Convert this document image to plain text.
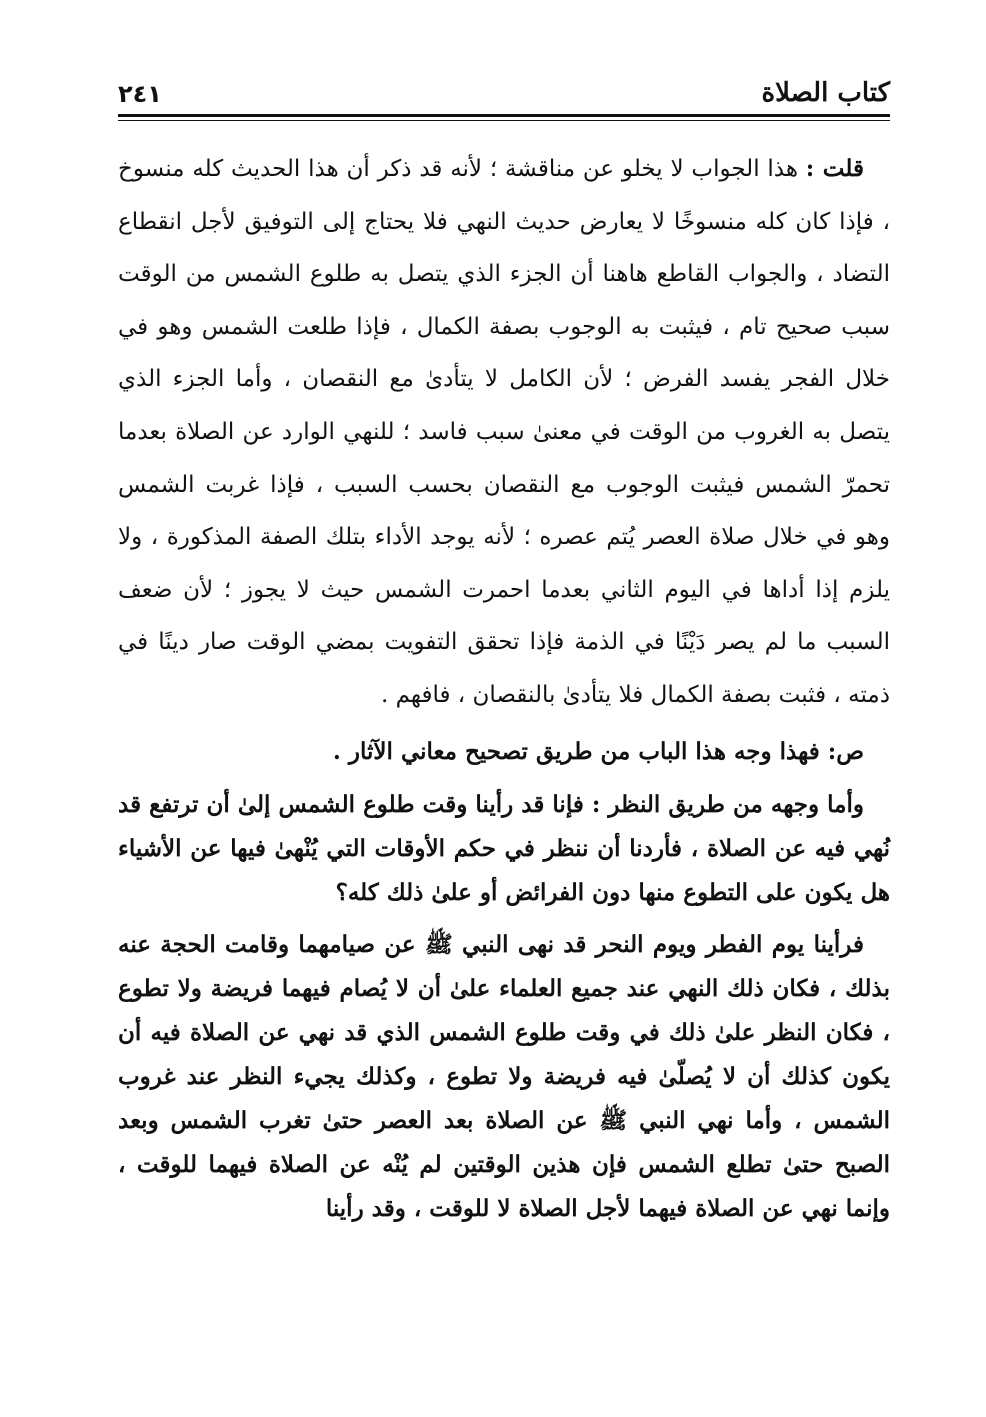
كتاب الصلاة
٢٤١

قلت : هذا الجواب لا يخلو عن مناقشة ؛ لأنه قد ذكر أن هذا الحديث كله منسوخ ، فإذا كان كله منسوخًا لا يعارض حديث النهي فلا يحتاج إلى التوفيق لأجل انقطاع التضاد ، والجواب القاطع هاهنا أن الجزء الذي يتصل به طلوع الشمس من الوقت سبب صحيح تام ، فيثبت به الوجوب بصفة الكمال ، فإذا طلعت الشمس وهو في خلال الفجر يفسد الفرض ؛ لأن الكامل لا يتأدىٰ مع النقصان ، وأما الجزء الذي يتصل به الغروب من الوقت في معنىٰ سبب فاسد ؛ للنهي الوارد عن الصلاة بعدما تحمرّ الشمس فيثبت الوجوب مع النقصان بحسب السبب ، فإذا غربت الشمس وهو في خلال صلاة العصر يُتم عصره ؛ لأنه يوجد الأداء بتلك الصفة المذكورة ، ولا يلزم إذا أداها في اليوم الثاني بعدما احمرت الشمس حيث لا يجوز ؛ لأن ضعف السبب ما لم يصر دَيْنًا في الذمة فإذا تحقق التفويت بمضي الوقت صار دينًا في ذمته ، فثبت بصفة الكمال فلا يتأدىٰ بالنقصان ، فافهم .

ص: فهذا وجه هذا الباب من طريق تصحيح معاني الآثار .

وأما وجهه من طريق النظر : فإنا قد رأينا وقت طلوع الشمس إلىٰ أن ترتفع قد نُهي فيه عن الصلاة ، فأردنا أن ننظر في حكم الأوقات التي يُنْهىٰ فيها عن الأشياء هل يكون على التطوع منها دون الفرائض أو علىٰ ذلك كله؟

فرأينا يوم الفطر ويوم النحر قد نهى النبي ﷺ عن صيامهما وقامت الحجة عنه بذلك ، فكان ذلك النهي عند جميع العلماء علىٰ أن لا يُصام فيهما فريضة ولا تطوع ، فكان النظر علىٰ ذلك في وقت طلوع الشمس الذي قد نهي عن الصلاة فيه أن يكون كذلك أن لا يُصلّىٰ فيه فريضة ولا تطوع ، وكذلك يجيء النظر عند غروب الشمس ، وأما نهي النبي ﷺ عن الصلاة بعد العصر حتىٰ تغرب الشمس وبعد الصبح حتىٰ تطلع الشمس فإن هذين الوقتين لم يُنْه عن الصلاة فيهما للوقت ، وإنما نهي عن الصلاة فيهما لأجل الصلاة لا للوقت ، وقد رأينا
